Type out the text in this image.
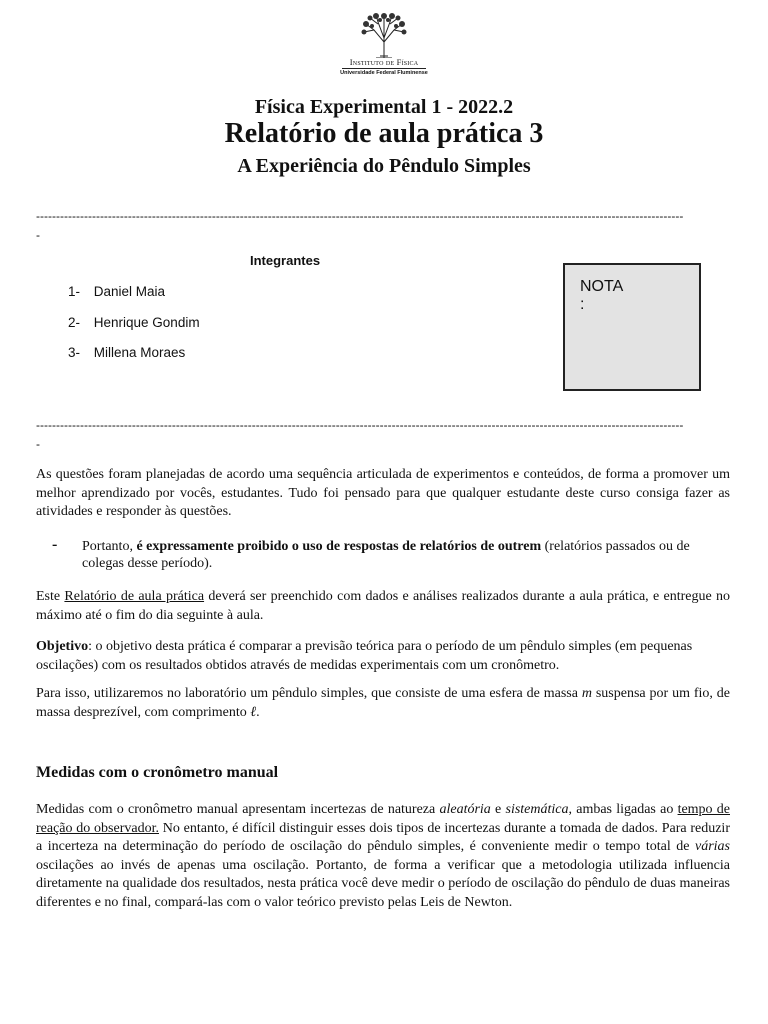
Instituto de Física
Universidade Federal Fluminense
Física Experimental 1 - 2022.2
Relatório de aula prática 3
A Experiência do Pêndulo Simples
------------------------------------------------------------------------------------------------------------------------------------------------------------------
-
Integrantes
1- Daniel Maia
2- Henrique Gondim
3- Millena Moraes
NOTA
:
------------------------------------------------------------------------------------------------------------------------------------------------------------------
-
As questões foram planejadas de acordo uma sequência articulada de experimentos e conteúdos, de forma a promover um melhor aprendizado por vocês, estudantes. Tudo foi pensado para que qualquer estudante deste curso consiga fazer as atividades e responder às questões.
- Portanto, é expressamente proibido o uso de respostas de relatórios de outrem (relatórios passados ou de colegas desse período).
Este Relatório de aula prática deverá ser preenchido com dados e análises realizados durante a aula prática, e entregue no máximo até o fim do dia seguinte à aula.
Objetivo: o objetivo desta prática é comparar a previsão teórica para o período de um pêndulo simples (em pequenas oscilações) com os resultados obtidos através de medidas experimentais com um cronômetro.
Para isso, utilizaremos no laboratório um pêndulo simples, que consiste de uma esfera de massa m suspensa por um fio, de massa desprezível, com comprimento ℓ.
Medidas com o cronômetro manual
Medidas com o cronômetro manual apresentam incertezas de natureza aleatória e sistemática, ambas ligadas ao tempo de reação do observador. No entanto, é difícil distinguir esses dois tipos de incertezas durante a tomada de dados. Para reduzir a incerteza na determinação do período de oscilação do pêndulo simples, é conveniente medir o tempo total de várias oscilações ao invés de apenas uma oscilação. Portanto, de forma a verificar que a metodologia utilizada influencia diretamente na qualidade dos resultados, nesta prática você deve medir o período de oscilação do pêndulo de duas maneiras diferentes e no final, compará-las com o valor teórico previsto pelas Leis de Newton.
